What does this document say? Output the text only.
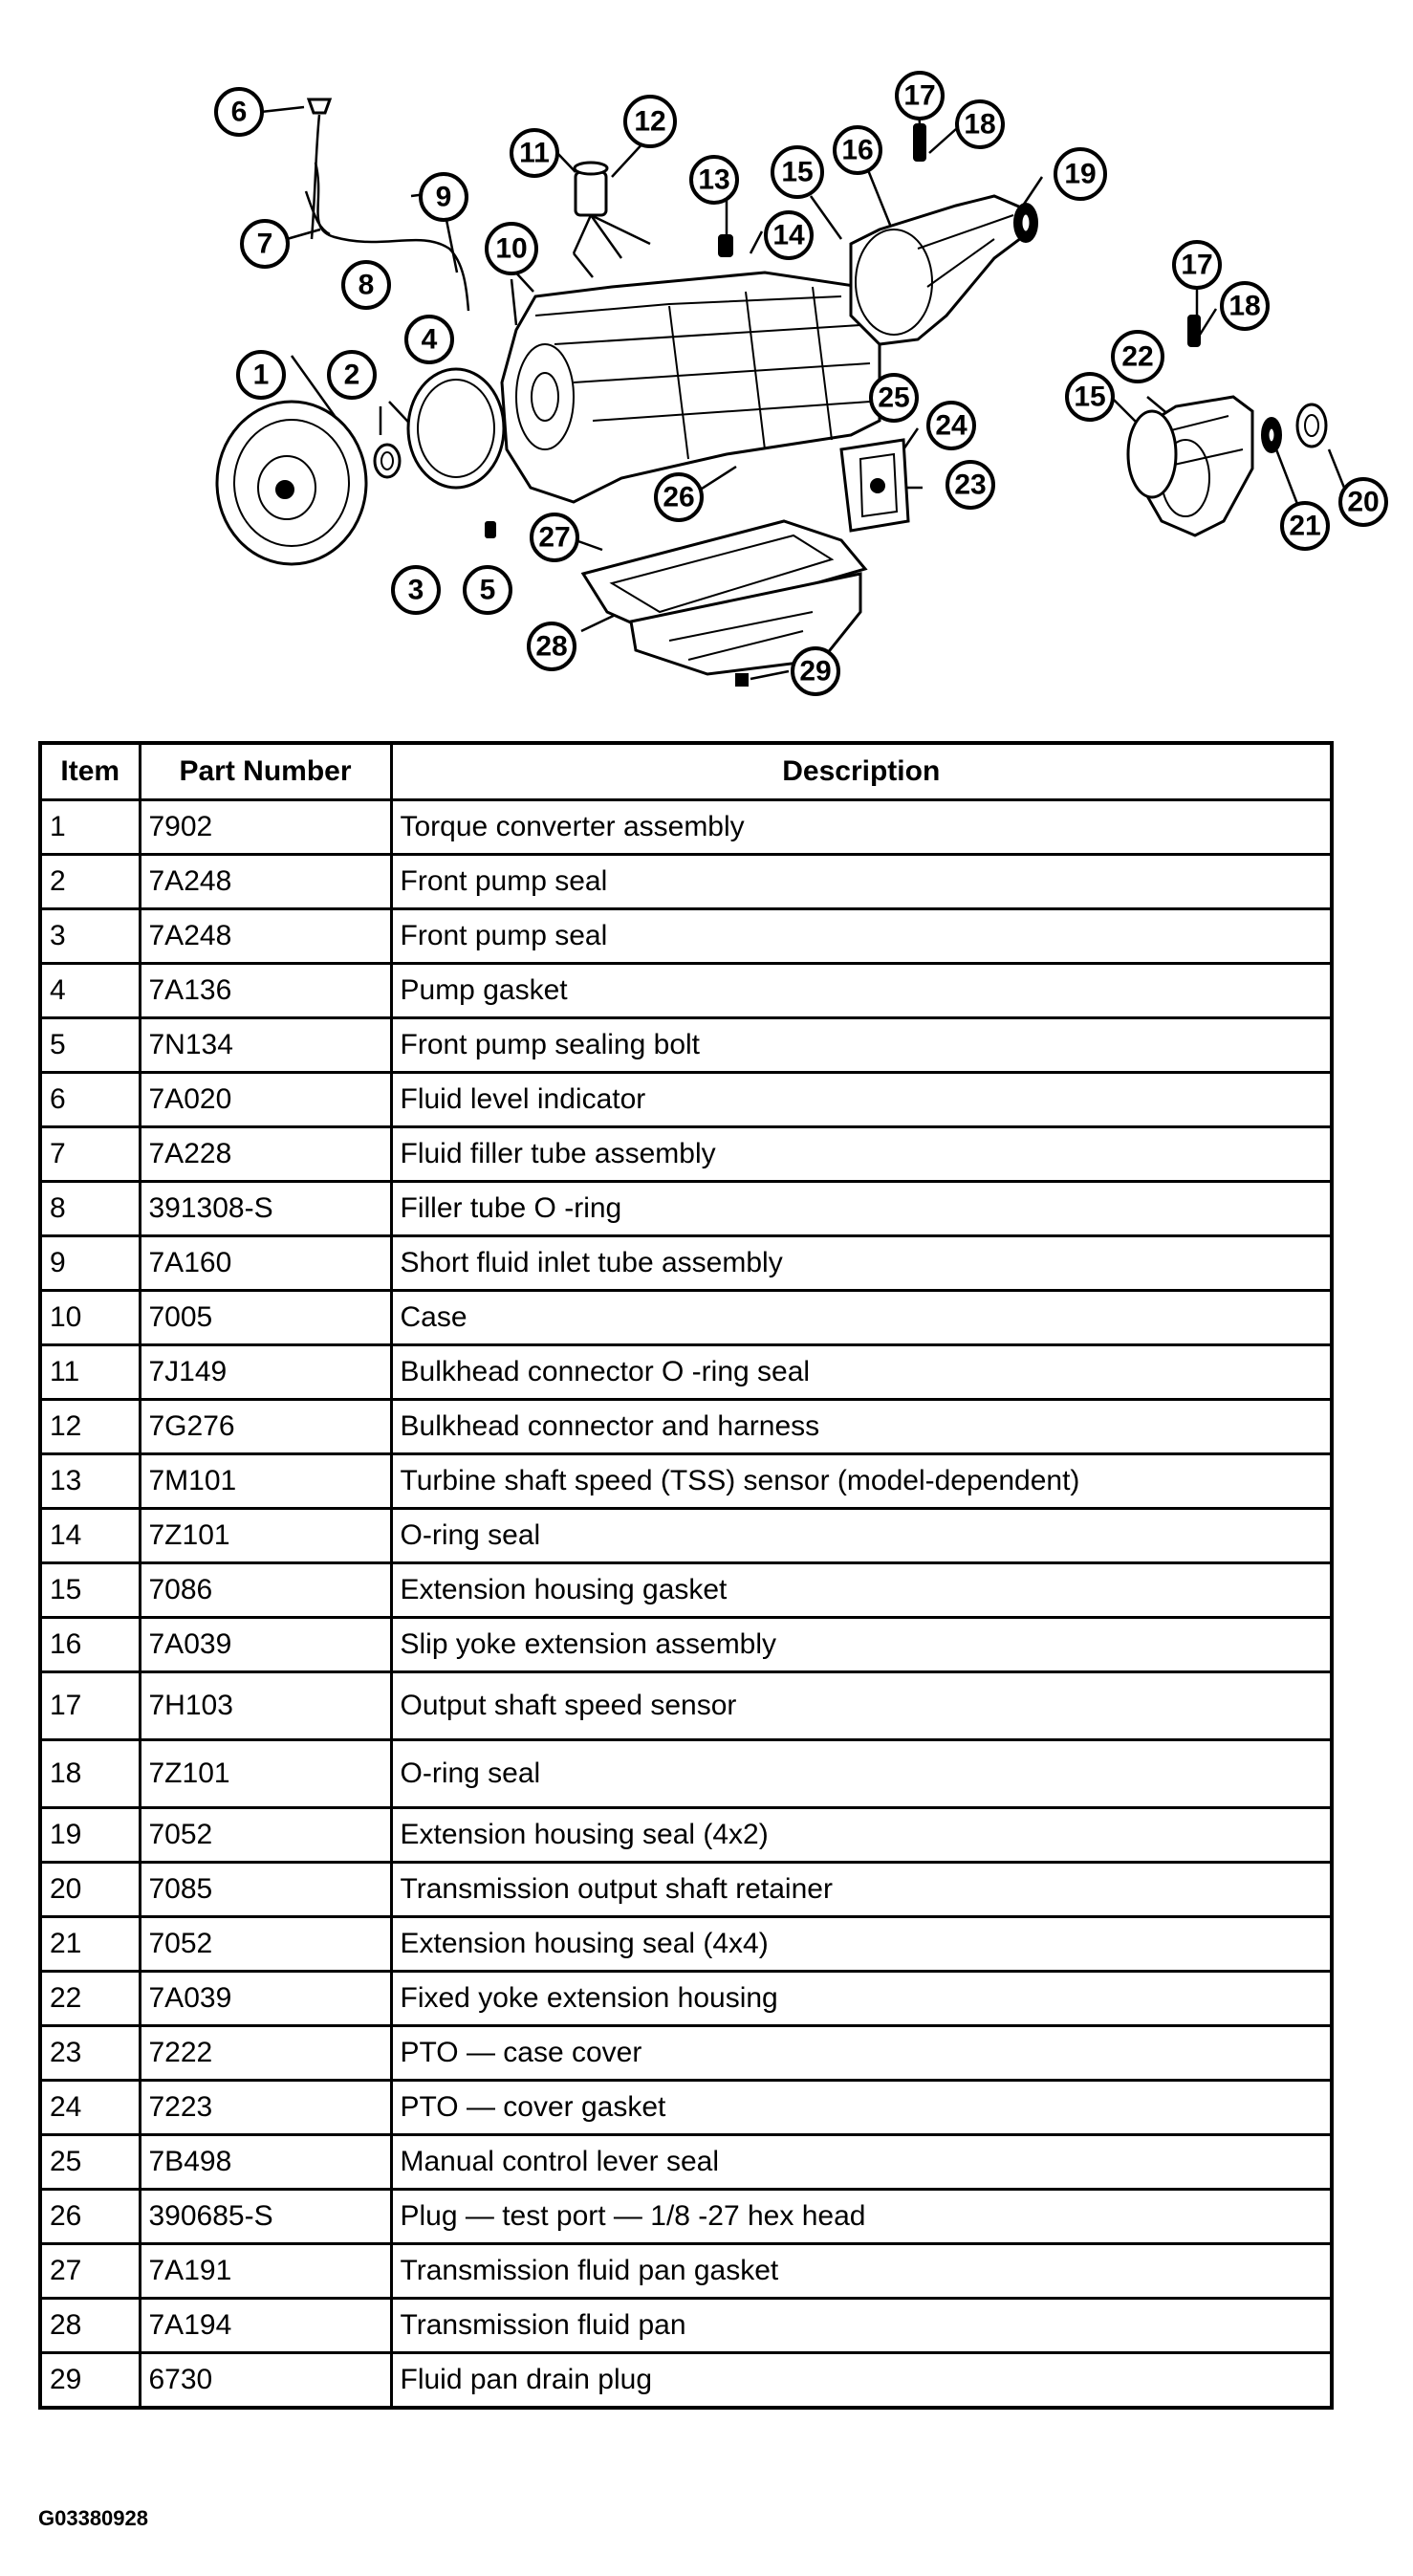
1	2
3
4
5
6
7
8
9
10
11
12
13
14
15
16
17
18
19
20
21
22
23
24
25
26
27
28
29
15
17
18
Item	Part Number	Description
1	7902	Torque converter assembly
2	7A248	Front pump seal
3	7A248	Front pump seal
4	7A136	Pump gasket
5	7N134	Front pump sealing bolt
6	7A020	Fluid level indicator
7	7A228	Fluid filler tube assembly
8	391308-S	Filler tube O -ring
9	7A160	Short fluid inlet tube assembly
10	7005	Case
11	7J149	Bulkhead connector O -ring seal
12	7G276	Bulkhead connector and harness
13	7M101	Turbine shaft speed (TSS) sensor (model-dependent)
14	7Z101	O-ring seal
15	7086	Extension housing gasket
16	7A039	Slip yoke extension assembly
17	7H103	Output shaft speed sensor
18	7Z101	O-ring seal
19	7052	Extension housing seal (4x2)
20	7085	Transmission output shaft retainer
21	7052	Extension housing seal (4x4)
22	7A039	Fixed yoke extension housing
23	7222	PTO — case cover
24	7223	PTO — cover gasket
25	7B498	Manual control lever seal
26	390685-S	Plug — test port — 1/8 -27 hex head
27	7A191	Transmission fluid pan gasket
28	7A194	Transmission fluid pan
29	6730	Fluid pan drain plug
G03380928
